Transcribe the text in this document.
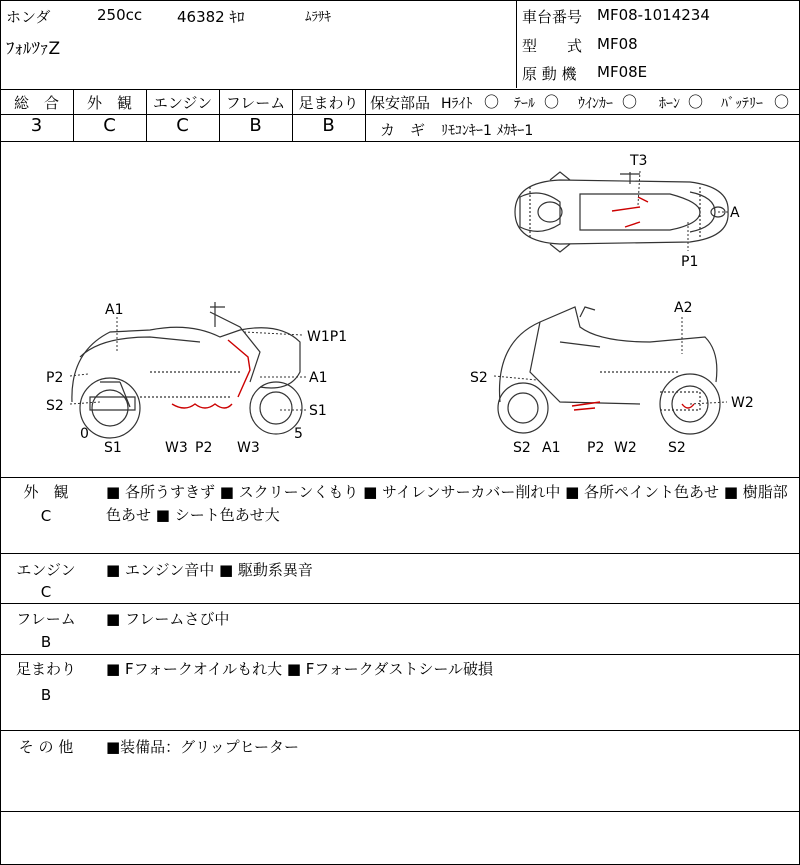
ホンダ	250cc 46382 ｷﾛ	ﾑﾗｻｷ
ﾌｫﾙﾂｧZ
車台番号 MF08-1014234
型　　式 MF08
原 動 機 MF08E
総　合	外　観	エンジン フレーム 足まわり
3	C	C	B	B
保安部品 Hﾗｲﾄ 〇 ﾃｰﾙ 〇 ｳｲﾝｶｰ 〇 ﾎｰﾝ 〇 ﾊﾞｯﾃﾘｰ 〇
カ　ギ ﾘﾓｺﾝｷｰ1 ﾒｶｷｰ1
T3
A
P1
A1
W1P1
P2	A1
S2	S1
0	5
S1	W3 P2 W3
A2
S2
W2
S2 A1 P2 W2 S2
外　観
C
■ 各所うすきず ■ スクリーンくもり ■ サイレンサーカバー削れ中 ■ 各所ペイント色あせ ■ 樹脂部色あせ ■ シート色あせ大
エンジン
C
■ エンジン音中 ■ 駆動系異音
フレーム
B
■ フレームさび中
足まわり
B
■ Fフォークオイルもれ大 ■ Fフォークダストシール破損
そ の 他	■装備品：グリップヒーター
